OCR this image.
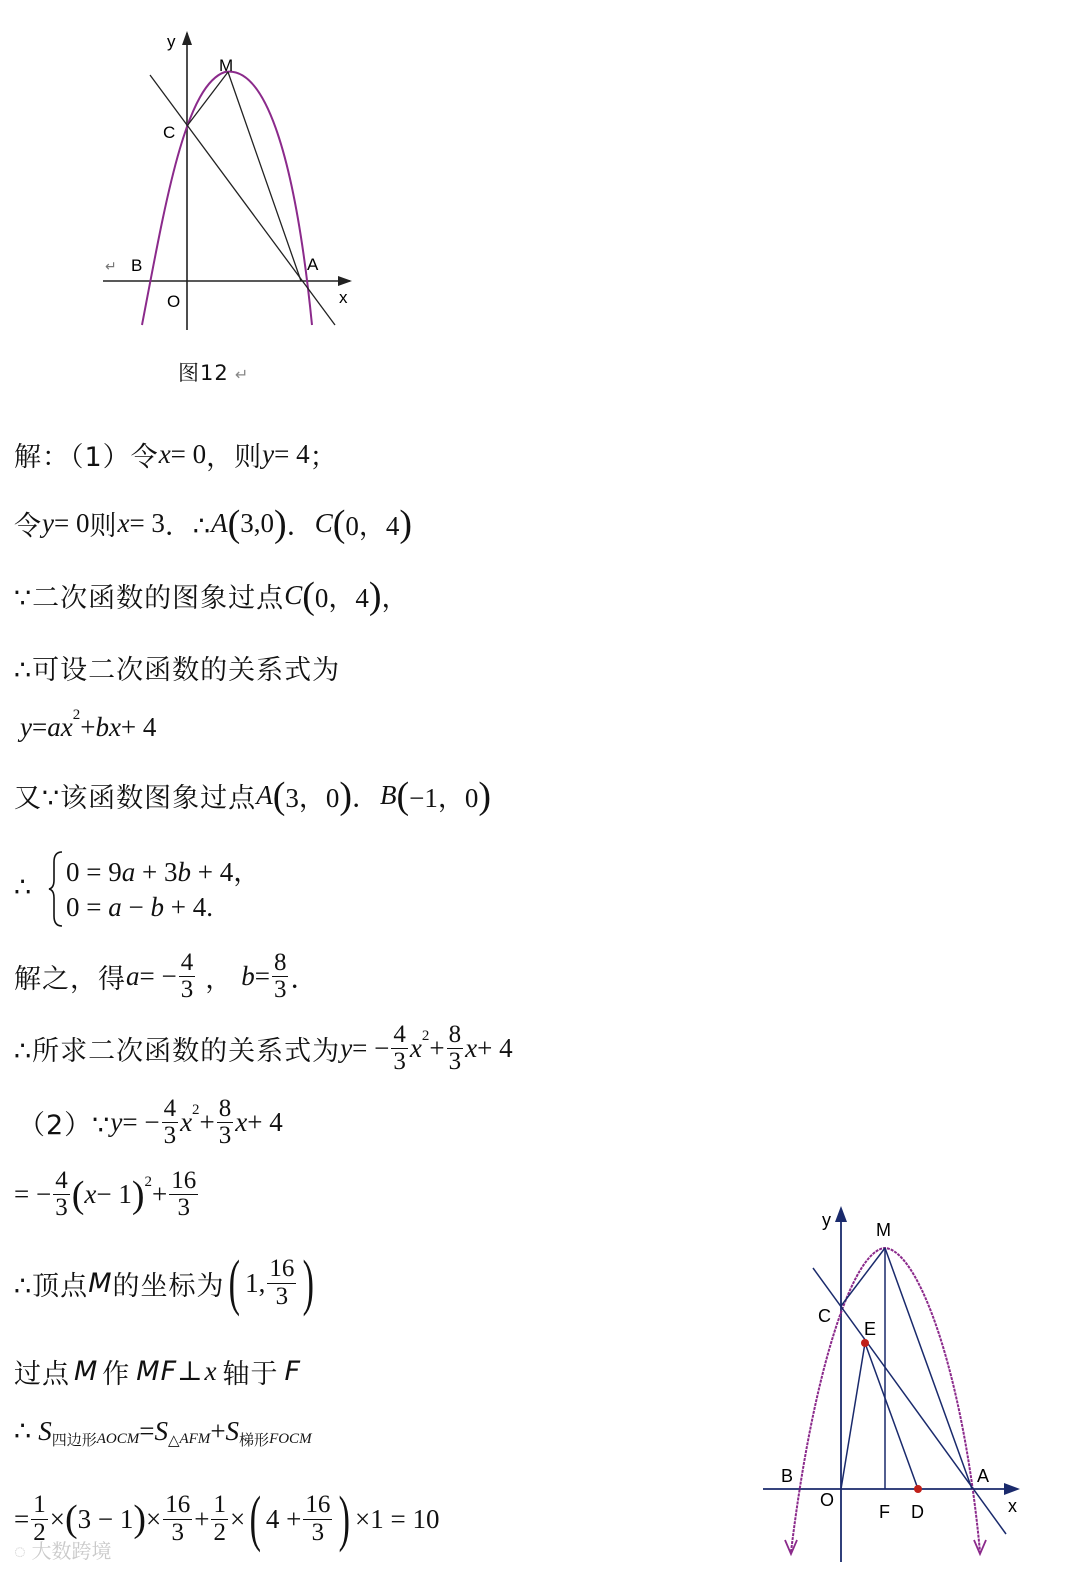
y
M
C
A
B
O	x
↵
图12 ↵
解：（1）令 x = 0 ，则 y = 4 ；
令 y = 0 则 x = 3 ．∴ A ( 3,0 ) ． C ( 0，4 )
∵二次函数的图象过点 C ( 0，4 ) ，
∴可设二次函数的关系式为
y = ax 2 + bx + 4
又∵该函数图象过点 A ( 3，0 ) ． B ( −1，0 )
∴ 0 = 9a + 3b + 4，
0 = a − b + 4.
解之，得 a = − $\frac{4}{3}$ ， $b = \frac{8}{3}$ ．
∴所求二次函数的关系式为 y = − $\frac{4}{3}$ x $2 + \frac{8}{3}$ x + 4
（2）∵ y = − $\frac{4}{3}$ x $2 + \frac{8}{3}$ x + 4
= − $\frac{4}{3}$ ( x − 1 ) $2 + \frac{16}{3}$
∴顶点 M 的坐标为 ( 1, $\frac{16}{3}$ )
过点 M 作 MF ⊥ x 轴于 F
∴ S 四边形 AOCM = S △ AFM + S 梯形 FOCM
= $\frac{1}{2}$ × ( 3 − 1 ) × $\frac{16}{3} + \frac{1}{2}$ × ( $4 + \frac{16}{3}$ ) ×1 = 10
y	M
C
E
A
B
O
F D	x
◌ 大数跨境
